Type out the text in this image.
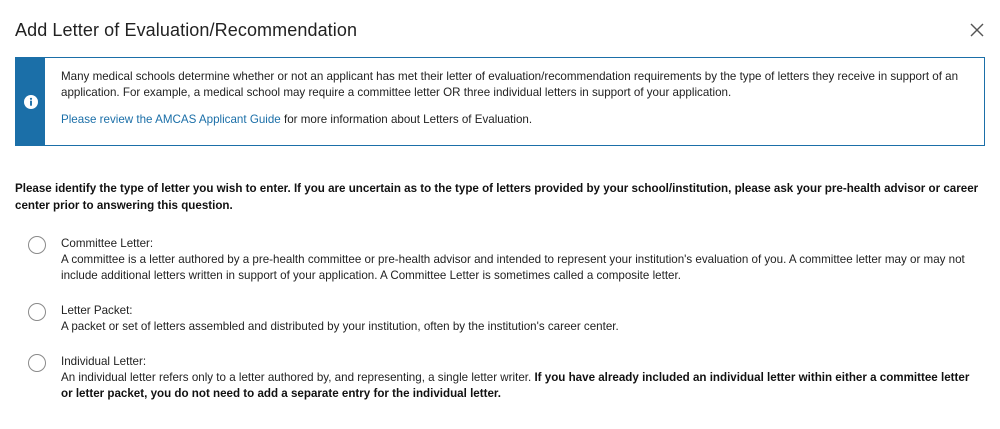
Add Letter of Evaluation/Recommendation

Many medical schools determine whether or not an applicant has met their letter of evaluation/recommendation requirements by the type of letters they receive in support of an application. For example, a medical school may require a committee letter OR three individual letters in support of your application.

Please review the AMCAS Applicant Guide for more information about Letters of Evaluation.

Please identify the type of letter you wish to enter. If you are uncertain as to the type of letters provided by your school/institution, please ask your pre-health advisor or career center prior to answering this question.

Committee Letter:
A committee is a letter authored by a pre-health committee or pre-health advisor and intended to represent your institution's evaluation of you. A committee letter may or may not include additional letters written in support of your application. A Committee Letter is sometimes called a composite letter.
Letter Packet:
A packet or set of letters assembled and distributed by your institution, often by the institution's career center.
Individual Letter:
An individual letter refers only to a letter authored by, and representing, a single letter writer. If you have already included an individual letter within either a committee letter or letter packet, you do not need to add a separate entry for the individual letter.
